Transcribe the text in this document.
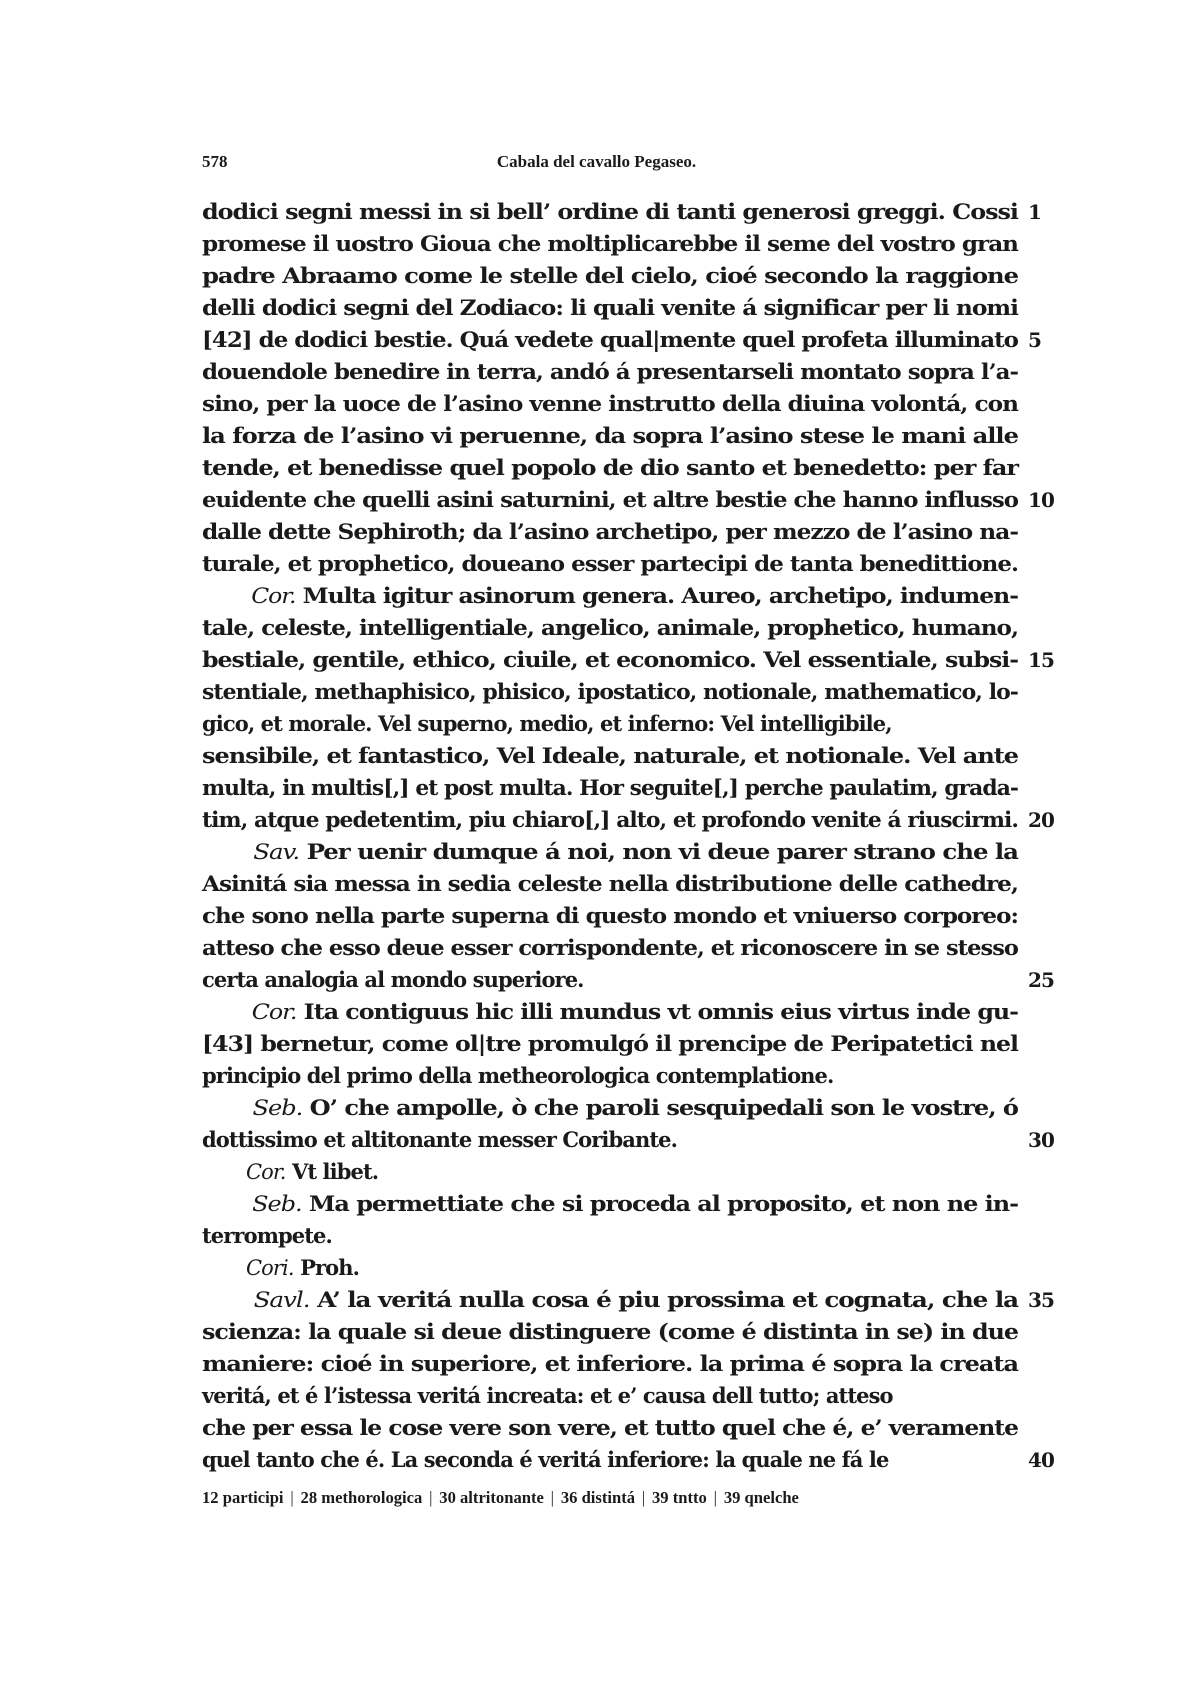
578	Cabala del cavallo Pegaseo.
dodici segni messi in si bell’ ordine di tanti generosi greggi. Cossi 1
promese il uostro Gioua che moltiplicarebbe il seme del vostro gran
padre Abraamo come le stelle del cielo, cioé secondo la raggione
delli dodici segni del Zodiaco: li quali venite á significar per li nomi
[42] de dodici bestie. Quá vedete qual|mente quel profeta illuminato 5
douendole benedire in terra, andó á presentarseli montato sopra l’a-
sino, per la uoce de l’asino venne instrutto della diuina volontá, con
la forza de l’asino vi peruenne, da sopra l’asino stese le mani alle
tende, et benedisse quel popolo de dio santo et benedetto: per far
euidente che quelli asini saturnini, et altre bestie che hanno influsso 10
dalle dette Sephiroth; da l’asino archetipo, per mezzo de l’asino na-
turale, et prophetico, doueano esser partecipi de tanta benedittione.
Cor. Multa igitur asinorum genera. Aureo, archetipo, indumen-
tale, celeste, intelligentiale, angelico, animale, prophetico, humano,
bestiale, gentile, ethico, ciuile, et economico. Vel essentiale, subsi- 15
stentiale, methaphisico, phisico, ipostatico, notionale, mathematico, lo-
gico, et morale. Vel superno, medio, et inferno: Vel intelligibile,
sensibile, et fantastico, Vel Ideale, naturale, et notionale. Vel ante
multa, in multis[,] et post multa. Hor seguite[,] perche paulatim, grada-
tim, atque pedetentim, piu chiaro[,] alto, et profondo venite á riuscirmi. 20
Sav. Per uenir dumque á noi, non vi deue parer strano che la
Asinitá sia messa in sedia celeste nella distributione delle cathedre,
che sono nella parte superna di questo mondo et vniuerso corporeo:
atteso che esso deue esser corrispondente, et riconoscere in se stesso
certa analogia al mondo superiore.	25
Cor. Ita contiguus hic illi mundus vt omnis eius virtus inde gu-
[43] bernetur, come ol|tre promulgó il prencipe de Peripatetici nel
principio del primo della metheorologica contemplatione.
Seb. O’ che ampolle, ò che paroli sesquipedali son le vostre, ó
dottissimo et altitonante messer Coribante.	30
Cor. Vt libet.
Seb. Ma permettiate che si proceda al proposito, et non ne in-
terrompete.
Cori. Proh.
Savl. A’ la veritá nulla cosa é piu prossima et cognata, che la 35
scienza: la quale si deue distinguere (come é distinta in se) in due
maniere: cioé in superiore, et inferiore. la prima é sopra la creata
veritá, et é l’istessa veritá increata: et e’ causa dell tutto; atteso
che per essa le cose vere son vere, et tutto quel che é, e’ veramente
quel tanto che é. La seconda é veritá inferiore: la quale ne fá le	40
12 participi | 28 methorologica | 30 altritonante | 36 distintá | 39 tntto | 39 qnelche
